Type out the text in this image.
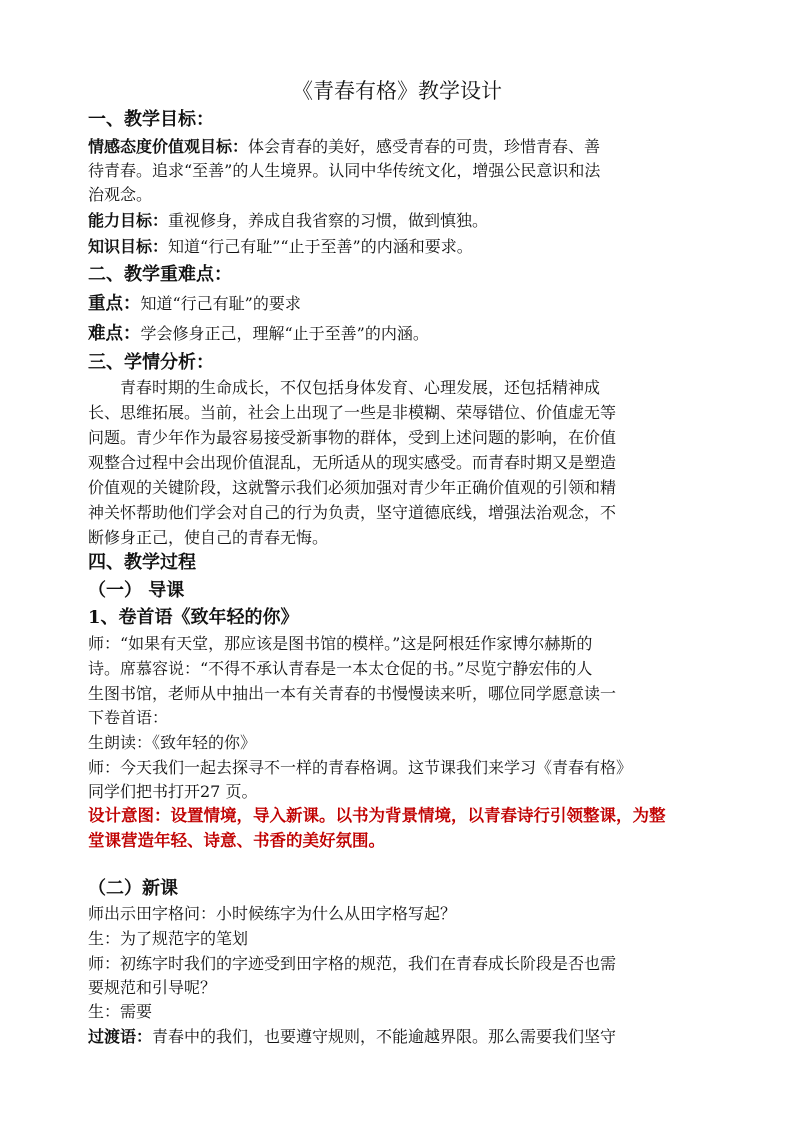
《青春有格》教学设计
一、教学目标：
情感态度价值观目标：体会青春的美好，感受青春的可贵，珍惜青春、善
待青春。追求“至善”的人生境界。认同中华传统文化，增强公民意识和法
治观念。
能力目标：重视修身，养成自我省察的习惯，做到慎独。
知识目标：知道“行己有耻”“止于至善”的内涵和要求。
二、教学重难点：
重点：知道“行己有耻”的要求
难点：学会修身正己，理解“止于至善”的内涵。
三、学情分析：
青春时期的生命成长，不仅包括身体发育、心理发展，还包括精神成
长、思维拓展。当前，社会上出现了一些是非模糊、荣辱错位、价值虚无等
问题。青少年作为最容易接受新事物的群体，受到上述问题的影响，在价值
观整合过程中会出现价值混乱，无所适从的现实感受。而青春时期又是塑造
价值观的关键阶段，这就警示我们必须加强对青少年正确价值观的引领和精
神关怀帮助他们学会对自己的行为负责，坚守道德底线，增强法治观念，不
断修身正己，使自己的青春无悔。
四、教学过程
（一） 导课
1、卷首语《致年轻的你》
师：“如果有天堂，那应该是图书馆的模样。”这是阿根廷作家博尔赫斯的
诗。席慕容说：“不得不承认青春是一本太仓促的书。”尽览宁静宏伟的人
生图书馆，老师从中抽出一本有关青春的书慢慢读来听，哪位同学愿意读一
下卷首语：
生朗读：《致年轻的你》
师：今天我们一起去探寻不一样的青春格调。这节课我们来学习《青春有格》
同学们把书打开27 页。
设计意图：设置情境，导入新课。以书为背景情境，以青春诗行引领整课，为整
堂课营造年轻、诗意、书香的美好氛围。
（二）新课
师出示田字格问：小时候练字为什么从田字格写起？
生：为了规范字的笔划
师：初练字时我们的字迹受到田字格的规范，我们在青春成长阶段是否也需
要规范和引导呢？
生：需要
过渡语：青春中的我们，也要遵守规则，不能逾越界限。那么需要我们坚守
